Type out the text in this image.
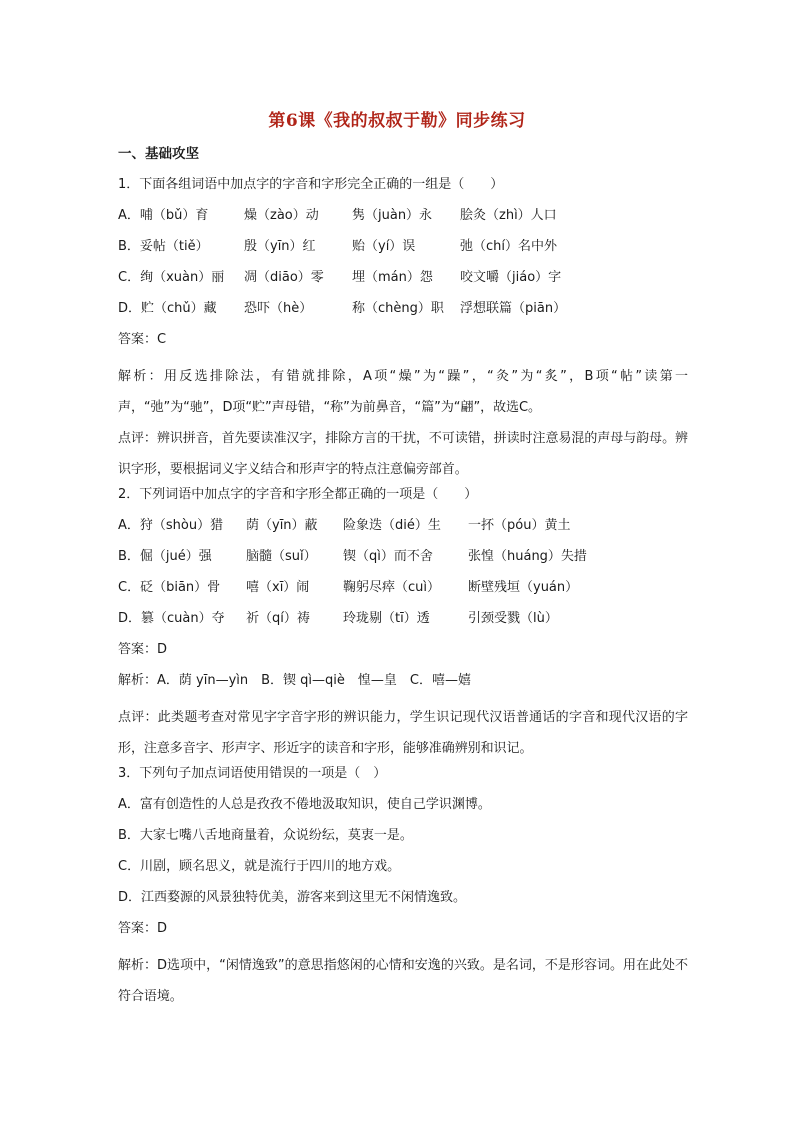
第6课《我的叔叔于勒》同步练习
一、基础攻坚
1．下面各组词语中加点字的字音和字形完全正确的一组是（　　）
A．哺（bǔ）育	燥（zào）动	隽（juàn）永	脍灸（zhì）人口
B．妥帖（tiě）	殷（yīn）红	贻（yí）误	弛（chí）名中外
C．绚（xuàn）丽	凋（diāo）零	埋（mán）怨	咬文嚼（jiáo）字
D．贮（chǔ）藏	恐吓（hè）	称（chèng）职	浮想联篇（piān）
答案：C
解析：用反选排除法，有错就排除，A项“燥”为“躁”，“灸”为“炙”，B项“帖”读第一声，“弛”为“驰”，D项“贮”声母错，“称”为前鼻音，“篇”为“翩”，故选C。
点评：辨识拼音，首先要读准汉字，排除方言的干扰，不可读错，拼读时注意易混的声母与韵母。辨识字形，要根据词义字义结合和形声字的特点注意偏旁部首。
2．下列词语中加点字的字音和字形全都正确的一项是（　　）
A．狩（shòu）猎	荫（yīn）蔽	险象迭（dié）生	一抔（póu）黄土
B．倔（jué）强	脑髓（suǐ）	锲（qì）而不舍	张惶（huáng）失措
C．砭（biān）骨	嘻（xī）闹	鞠躬尽瘁（cuì）	断壁残垣（yuán）
D．篡（cuàn）夺	祈（qí）祷	玲珑剔（tī）透	引颈受戮（lù）
答案：D
解析：A．荫 yīn—yìn　B．锲 qì—qiè　惶—皇　C．嘻—嬉
点评：此类题考查对常见字字音字形的辨识能力，学生识记现代汉语普通话的字音和现代汉语的字形，注意多音字、形声字、形近字的读音和字形，能够准确辨别和识记。
3．下列句子加点词语使用错误的一项是（　）
A．富有创造性的人总是孜孜不倦地汲取知识，使自己学识渊博。
B．大家七嘴八舌地商量着，众说纷纭，莫衷一是。
C．川剧，顾名思义，就是流行于四川的地方戏。
D．江西婺源的风景独特优美，游客来到这里无不闲情逸致。
答案：D
解析：D选项中，“闲情逸致”的意思指悠闲的心情和安逸的兴致。是名词，不是形容词。用在此处不符合语境。
